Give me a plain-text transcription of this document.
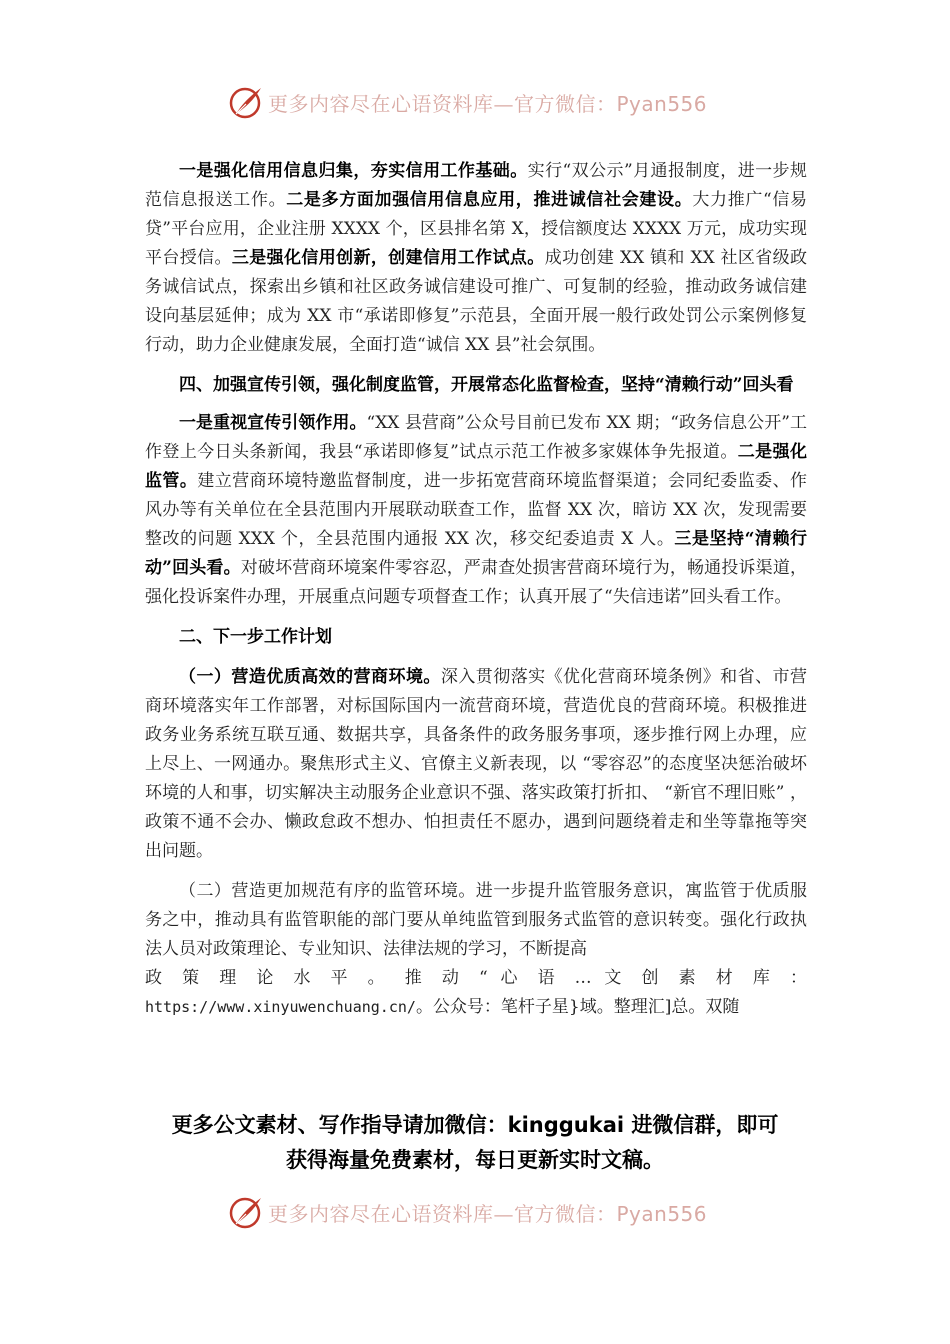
更多内容尽在心语资料库—官方微信：Pyan556

一是强化信用信息归集，夯实信用工作基础。实行“双公示”月通报制度，进一步规范信息报送工作。二是多方面加强信用信息应用，推进诚信社会建设。大力推广“信易贷”平台应用，企业注册 XXXX 个，区县排名第 X，授信额度达 XXXX 万元，成功实现平台授信。三是强化信用创新，创建信用工作试点。成功创建 XX 镇和 XX 社区省级政务诚信试点，探索出乡镇和社区政务诚信建设可推广、可复制的经验，推动政务诚信建设向基层延伸；成为 XX 市“承诺即修复”示范县，全面开展一般行政处罚公示案例修复行动，助力企业健康发展，全面打造“诚信 XX 县”社会氛围。

四、加强宣传引领，强化制度监管，开展常态化监督检查，坚持“清赖行动”回头看

一是重视宣传引领作用。“XX 县营商”公众号目前已发布 XX 期；“政务信息公开”工作登上今日头条新闻，我县“承诺即修复”试点示范工作被多家媒体争先报道。二是强化监管。建立营商环境特邀监督制度，进一步拓宽营商环境监督渠道；会同纪委监委、作风办等有关单位在全县范围内开展联动联查工作，监督 XX 次，暗访 XX 次，发现需要整改的问题 XXX 个，全县范围内通报 XX 次，移交纪委追责 X 人。三是坚持“清赖行动”回头看。对破坏营商环境案件零容忍，严肃查处损害营商环境行为，畅通投诉渠道，强化投诉案件办理，开展重点问题专项督查工作；认真开展了“失信违诺”回头看工作。

二、下一步工作计划

（一）营造优质高效的营商环境。深入贯彻落实《优化营商环境条例》和省、市营商环境落实年工作部署，对标国际国内一流营商环境，营造优良的营商环境。积极推进政务业务系统互联互通、数据共享，具备条件的政务服务事项，逐步推行网上办理，应上尽上、一网通办。聚焦形式主义、官僚主义新表现，以 “零容忍”的态度坚决惩治破坏环境的人和事，切实解决主动服务企业意识不强、落实政策打折扣、 “新官不理旧账” ，政策不通不会办、懒政怠政不想办、怕担责任不愿办，遇到问题绕着走和坐等靠拖等突出问题。

（二）营造更加规范有序的监管环境。进一步提升监管服务意识，寓监管于优质服务之中，推动具有监管职能的部门要从单纯监管到服务式监管的意识转变。强化行政执法人员对政策理论、专业知识、法律法规的学习，不断提高

政 策 理 论 水 平 。 推 动 “ 心 语 … 文 创 素 材 库 ：

https://www.xinyuwenchuang.cn/。公众号：笔杆子星}域。整理汇]总。双随

更多公文素材、写作指导请加微信：kinggukai 进微信群，即可
获得海量免费素材，每日更新实时文稿。
更多内容尽在心语资料库—官方微信：Pyan556
